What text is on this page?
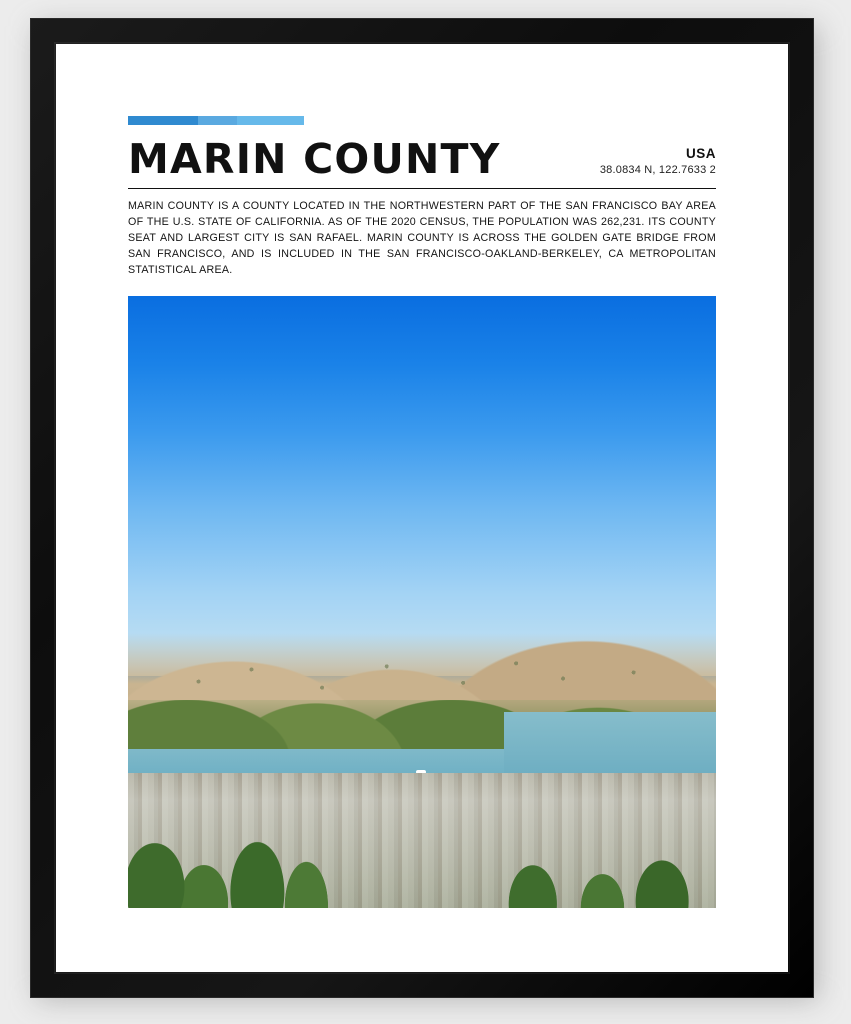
MARIN COUNTY	USA
38.0834 N, 122.7633 2
MARIN COUNTY IS A COUNTY LOCATED IN THE NORTHWESTERN PART OF THE SAN FRANCISCO BAY AREA OF THE U.S. STATE OF CALIFORNIA. AS OF THE 2020 CENSUS, THE POPULATION WAS 262,231. ITS COUNTY SEAT AND LARGEST CITY IS SAN RAFAEL. MARIN COUNTY IS ACROSS THE GOLDEN GATE BRIDGE FROM SAN FRANCISCO, AND IS INCLUDED IN THE SAN FRANCISCO-OAKLAND-BERKELEY, CA METROPOLITAN STATISTICAL AREA.
